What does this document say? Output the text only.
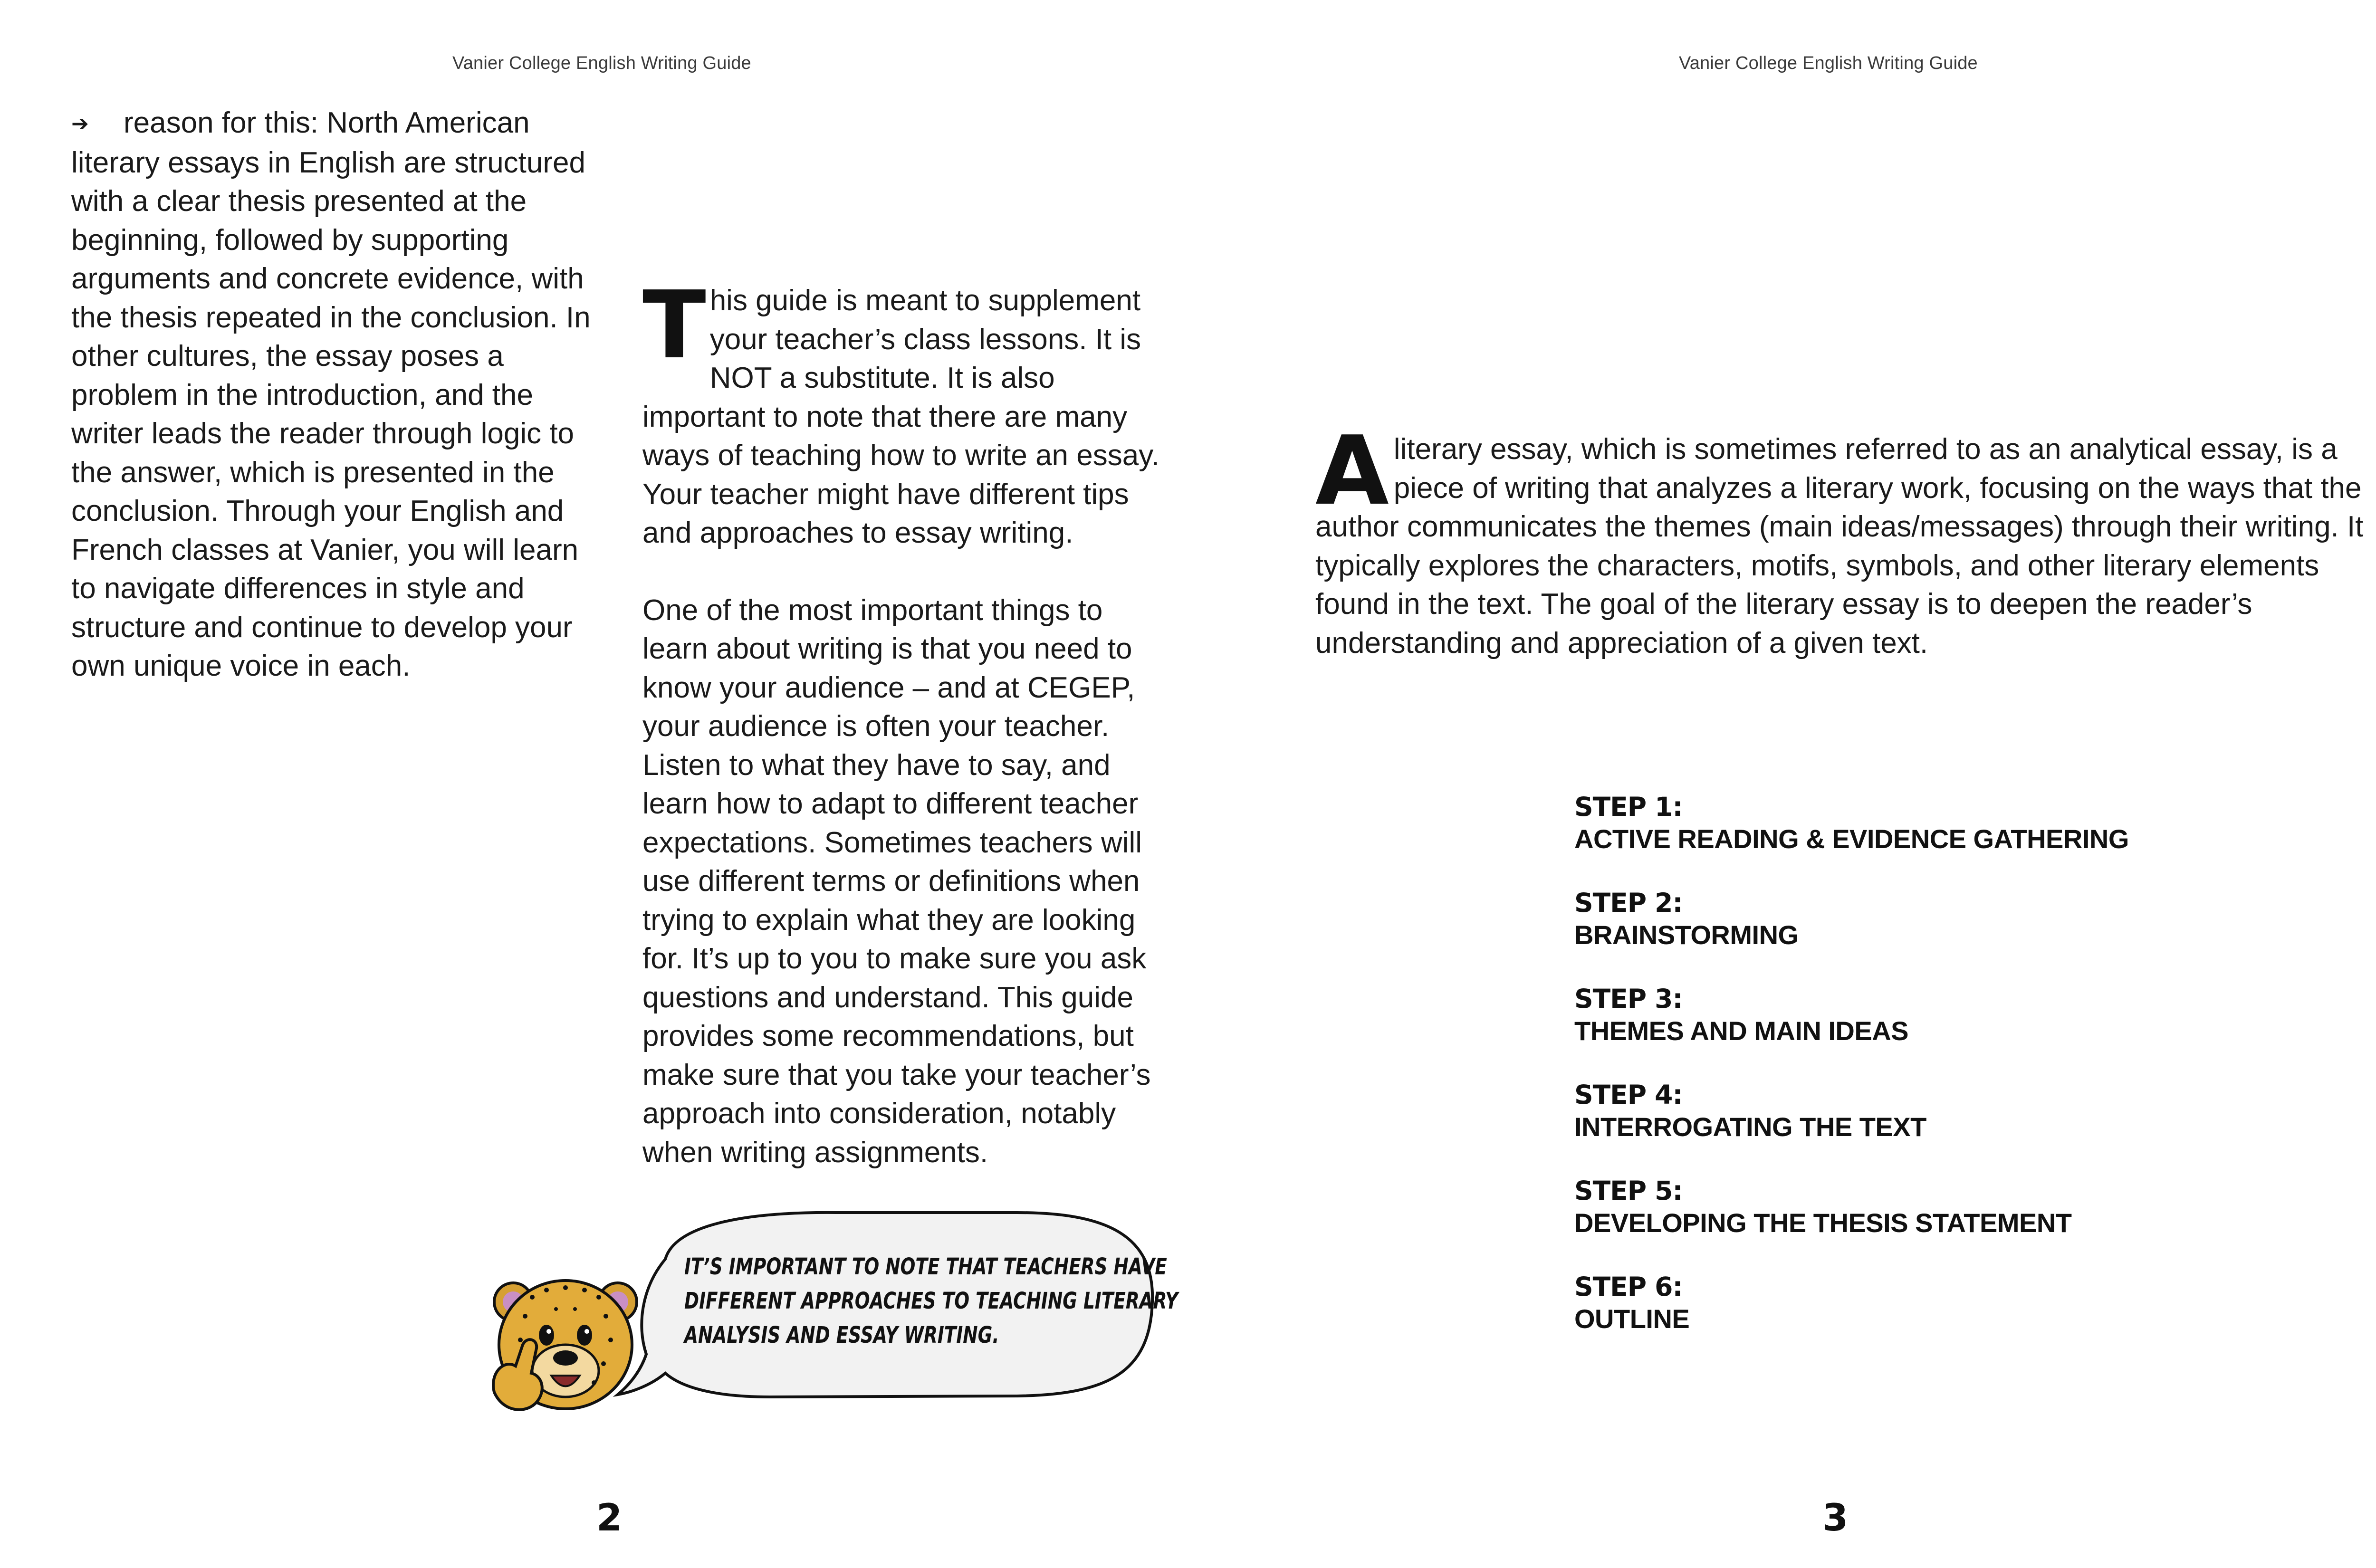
Vanier College English Writing Guide
➔ reason for this: North American literary essays in English are structured with a clear thesis presented at the beginning, followed by supporting arguments and concrete evidence, with the thesis repeated in the conclusion. In other cultures, the essay poses a problem in the introduction, and the writer leads the reader through logic to the answer, which is presented in the conclusion. Through your English and French classes at Vanier, you will learn to navigate differences in style and structure and continue to develop your own unique voice in each.

This guide is meant to supplement your teacher’s class lessons. It is NOT a substitute. It is also important to note that there are many ways of teaching how to write an essay. Your teacher might have different tips and approaches to essay writing.

One of the most important things to learn about writing is that you need to know your audience – and at CEGEP, your audience is often your teacher. Listen to what they have to say, and learn how to adapt to different teacher expectations. Sometimes teachers will use different terms or definitions when trying to explain what they are looking for. It’s up to you to make sure you ask questions and understand. This guide provides some recommendations, but make sure that you take your teacher’s approach into consideration, notably when writing assignments.

IT’S IMPORTANT TO NOTE THAT TEACHERS HAVE
DIFFERENT APPROACHES TO TEACHING LITERARY
ANALYSIS AND ESSAY WRITING.
2
Vanier College English Writing Guide
Aliterary essay, which is sometimes referred to as an analytical essay, is a piece of writing that analyzes a literary work, focusing on the ways that the author communicates the themes (main ideas/messages) through their writing. It typically explores the characters, motifs, symbols, and other literary elements found in the text. The goal of the literary essay is to deepen the reader’s understanding and appreciation of a given text.
STEP 1:
ACTIVE READING & EVIDENCE GATHERING
STEP 2:
BRAINSTORMING
STEP 3:
THEMES AND MAIN IDEAS
STEP 4:
INTERROGATING THE TEXT
STEP 5:
DEVELOPING THE THESIS STATEMENT
STEP 6:
OUTLINE
3
